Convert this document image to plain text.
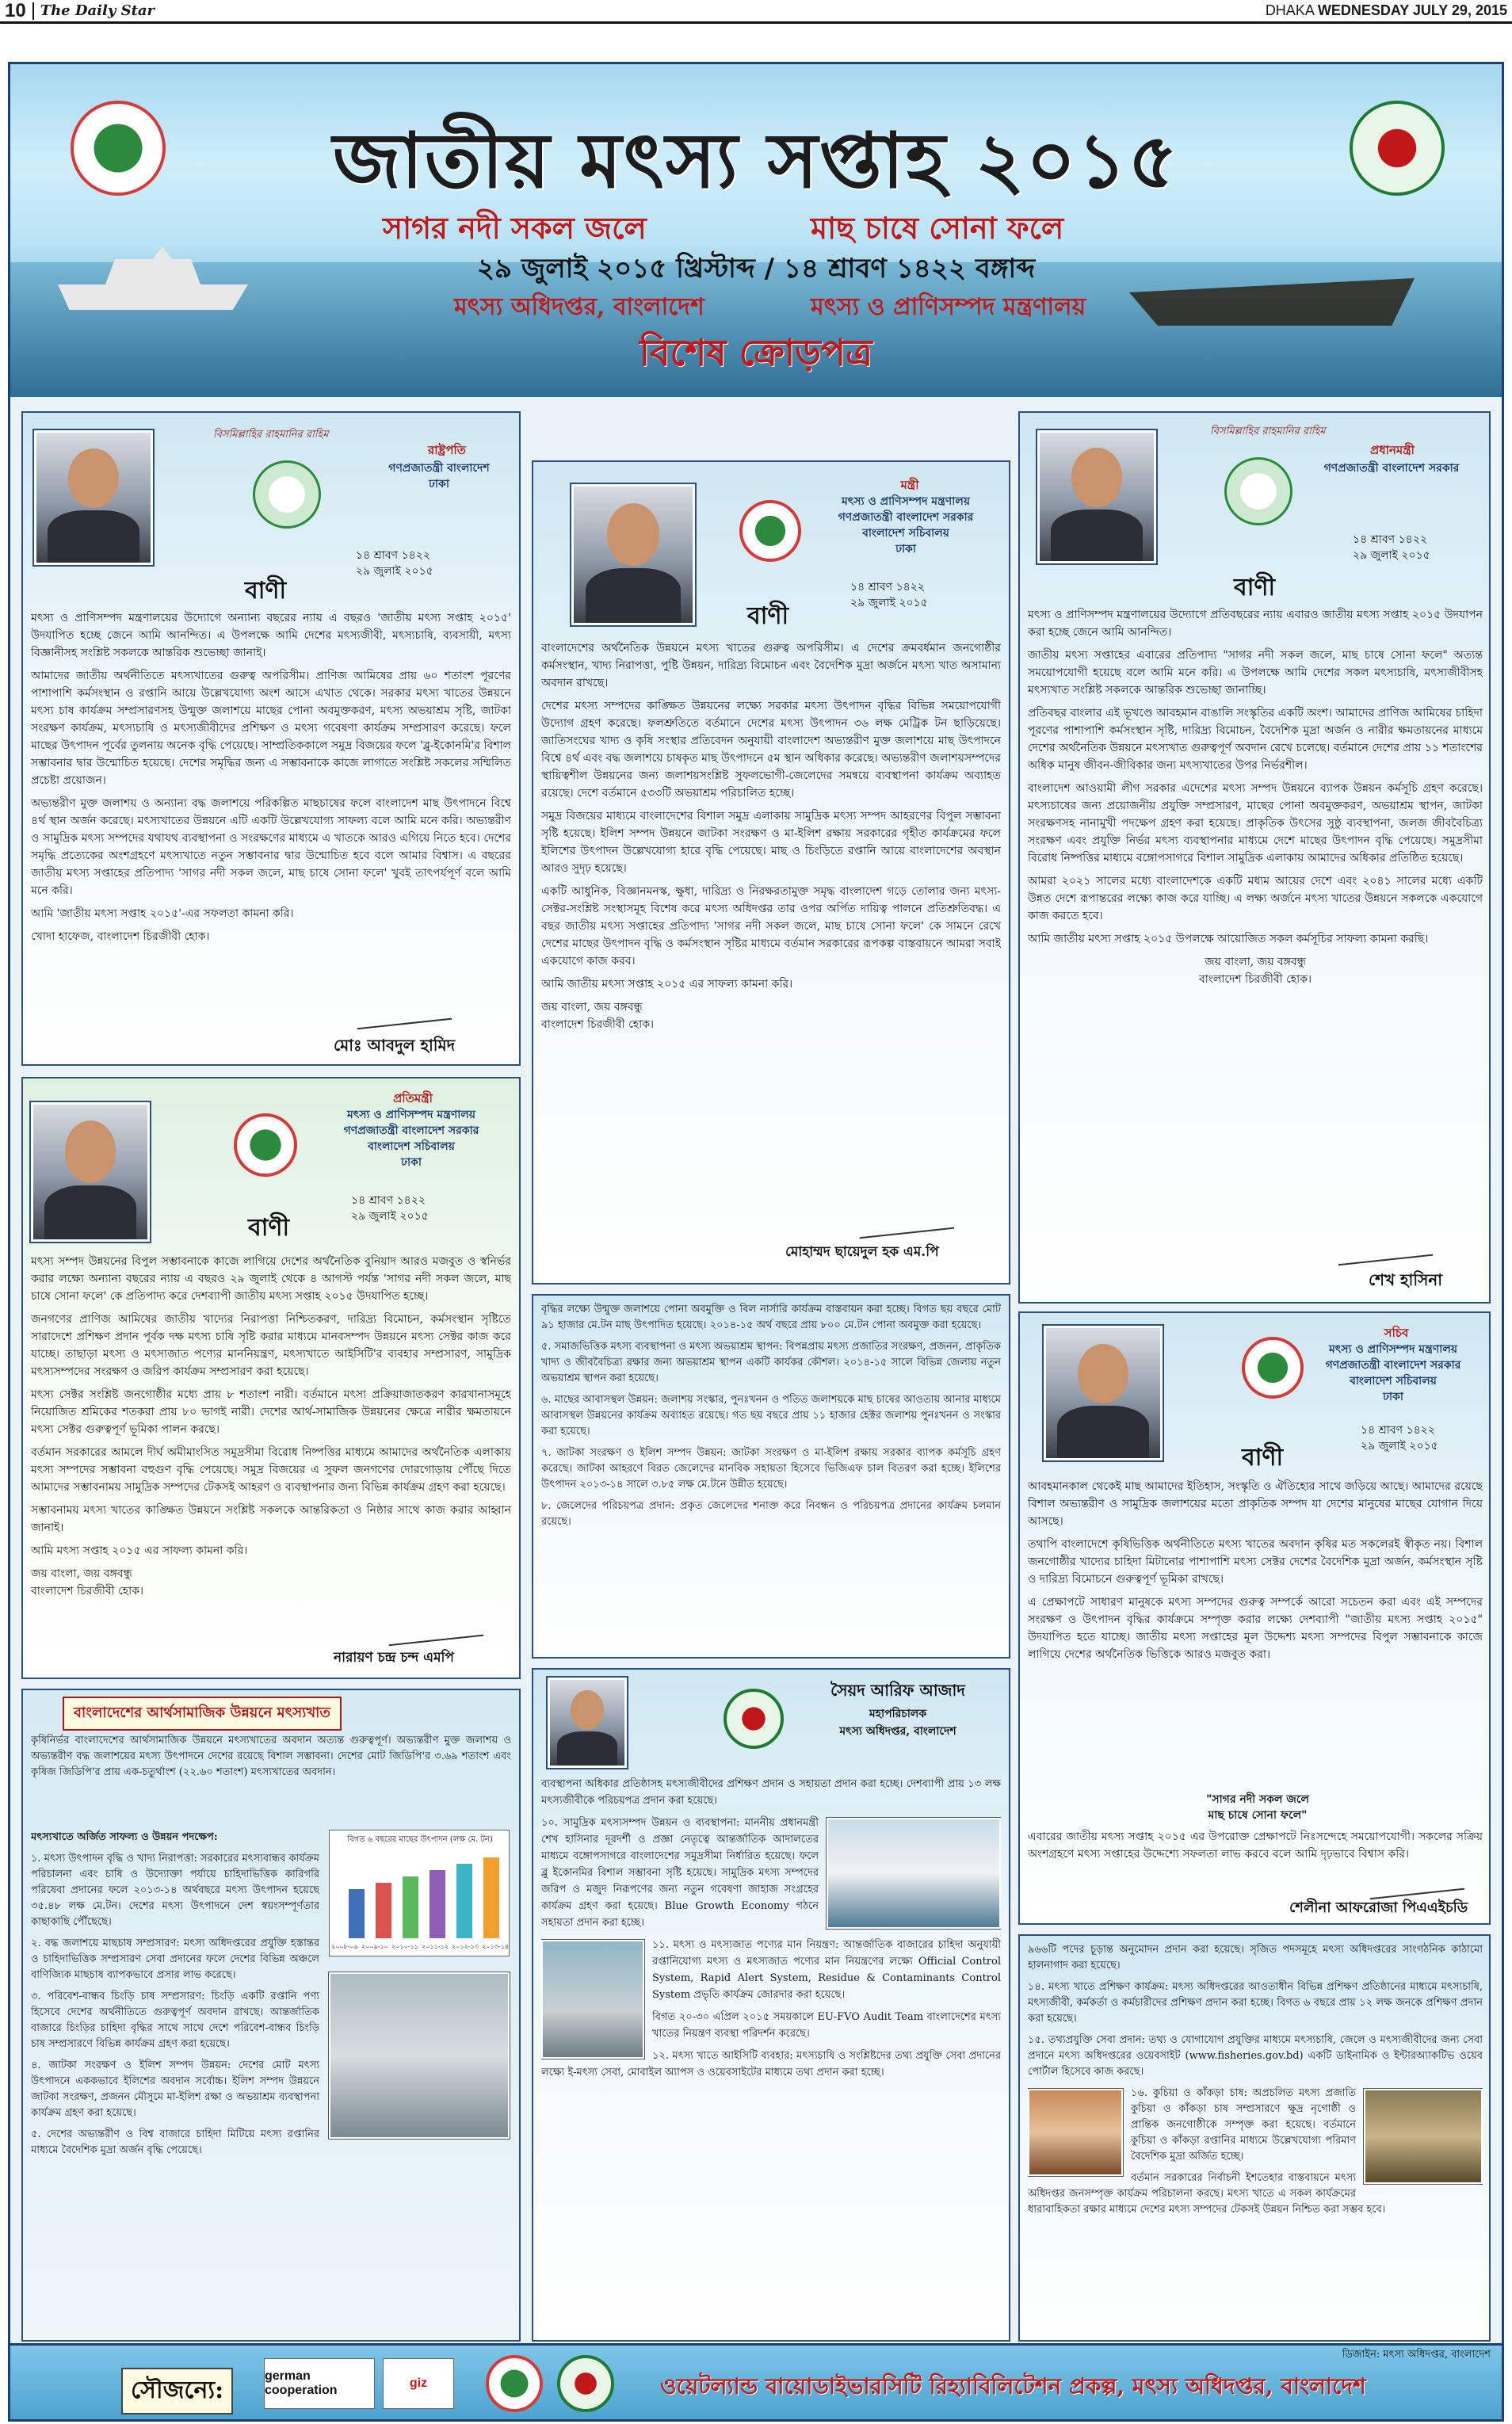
10 The Daily Star	DHAKA WEDNESDAY JULY 29, 2015
জাতীয় মৎস্য সপ্তাহ ২০১৫
সাগর নদী সকল জলে	মাছ চাষে সোনা ফলে
২৯ জুলাই ২০১৫ খ্রিস্টাব্দ / ১৪ শ্রাবণ ১৪২২ বঙ্গাব্দ
মৎস্য অধিদপ্তর, বাংলাদেশ	মৎস্য ও প্রাণিসম্পদ মন্ত্রণালয়
বিশেষ ক্রোড়পত্র
বিসমিল্লাহির রাহমানির রাহিম
রাষ্ট্রপতি
গণপ্রজাতন্ত্রী বাংলাদেশ
ঢাকা
১৪ শ্রাবণ ১৪২২
২৯ জুলাই ২০১৫
বাণী

মৎস্য ও প্রাণিসম্পদ মন্ত্রণালয়ের উদ্যোগে অন্যান্য বছরের ন্যায় এ বছরও 'জাতীয় মৎস্য সপ্তাহ ২০১৫' উদযাপিত হচ্ছে জেনে আমি আনন্দিত। এ উপলক্ষে আমি দেশের মৎস্যজীবী, মৎস্যচাষি, ব্যবসায়ী, মৎস্য বিজ্ঞানীসহ সংশ্লিষ্ট সকলকে আন্তরিক শুভেচ্ছা জানাই।

আমাদের জাতীয় অর্থনীতিতে মৎস্যখাতের গুরুত্ব অপরিসীম। প্রাণিজ আমিষের প্রায় ৬০ শতাংশ পূরণের পাশাপাশি কর্মসংস্থান ও রপ্তানি আয়ে উল্লেখযোগ্য অংশ আসে এখাত থেকে। সরকার মৎস্য খাতের উন্নয়নে মৎস্য চাষ কার্যক্রম সম্প্রসারণসহ উন্মুক্ত জলাশয়ে মাছের পোনা অবমুক্তকরণ, মৎস্য অভয়াশ্রম সৃষ্টি, জাটকা সংরক্ষণ কার্যক্রম, মৎস্যচাষি ও মৎস্যজীবীদের প্রশিক্ষণ ও মৎস্য গবেষণা কার্যক্রম সম্প্রসারণ করেছে। ফলে মাছের উৎপাদন পূর্বের তুলনায় অনেক বৃদ্ধি পেয়েছে। সাম্প্রতিককালে সমুদ্র বিজয়ের ফলে 'ব্লু-ইকোনমি'র বিশাল সম্ভাবনার দ্বার উন্মোচিত হয়েছে। দেশের সমৃদ্ধির জন্য এ সম্ভাবনাকে কাজে লাগাতে সংশ্লিষ্ট সকলের সম্মিলিত প্রচেষ্টা প্রয়োজন।

অভ্যন্তরীণ মুক্ত জলাশয় ও অন্যান্য বদ্ধ জলাশয়ে পরিকল্পিত মাছচাষের ফলে বাংলাদেশ মাছ উৎপাদনে বিশ্বে ৪র্থ স্থান অর্জন করেছে। মৎস্যখাতের উন্নয়নে এটি একটি উল্লেখযোগ্য সাফল্য বলে আমি মনে করি। অভ্যন্তরীণ ও সামুদ্রিক মৎস্য সম্পদের যথাযথ ব্যবস্থাপনা ও সংরক্ষণের মাধ্যমে এ খাতকে আরও এগিয়ে নিতে হবে। দেশের সমৃদ্ধি প্রত্যেকের অংশগ্রহণে মৎস্যখাতে নতুন সম্ভাবনার দ্বার উন্মোচিত হবে বলে আমার বিশ্বাস। এ বছরের জাতীয় মৎস্য সপ্তাহের প্রতিপাদ্য 'সাগর নদী সকল জলে, মাছ চাষে সোনা ফলে' খুবই তাৎপর্যপূর্ণ বলে আমি মনে করি।

আমি 'জাতীয় মৎস্য সপ্তাহ ২০১৫'-এর সফলতা কামনা করি।

খোদা হাফেজ, বাংলাদেশ চিরজীবী হোক।

মোঃ আবদুল হামিদ
মন্ত্রী
মৎস্য ও প্রাণিসম্পদ মন্ত্রণালয়
গণপ্রজাতন্ত্রী বাংলাদেশ সরকার
বাংলাদেশ সচিবালয়
ঢাকা
১৪ শ্রাবণ ১৪২২
২৯ জুলাই ২০১৫
বাণী

বাংলাদেশের অর্থনৈতিক উন্নয়নে মৎস্য খাতের গুরুত্ব অপরিসীম। এ দেশের ক্রমবর্ধমান জনগোষ্ঠীর কর্মসংস্থান, খাদ্য নিরাপত্তা, পুষ্টি উন্নয়ন, দারিদ্র্য বিমোচন এবং বৈদেশিক মুদ্রা অর্জনে মৎস্য খাত অসামান্য অবদান রাখছে।

দেশের মৎস্য সম্পদের কাঙ্ক্ষিত উন্নয়নের লক্ষ্যে সরকার মৎস্য উৎপাদন বৃদ্ধির বিভিন্ন সময়োপযোগী উদ্যোগ গ্রহণ করেছে। ফলশ্রুতিতে বর্তমানে দেশের মৎস্য উৎপাদন ৩৬ লক্ষ মেট্রিক টন ছাড়িয়েছে। জাতিসংঘের খাদ্য ও কৃষি সংস্থার প্রতিবেদন অনুযায়ী বাংলাদেশ অভ্যন্তরীণ মুক্ত জলাশয়ে মাছ উৎপাদনে বিশ্বে ৪র্থ এবং বদ্ধ জলাশয়ে চাষকৃত মাছ উৎপাদনে ৫ম স্থান অধিকার করেছে। অভ্যন্তরীণ জলাশয়সম্পদের স্থায়িত্বশীল উন্নয়নের জন্য জলাশয়সংশ্লিষ্ট সুফলভোগী-জেলেদের সমন্বয়ে ব্যবস্থাপনা কার্যক্রম অব্যাহত রয়েছে। দেশে বর্তমানে ৫৩৩টি অভয়াশ্রম পরিচালিত হচ্ছে।

সমুদ্র বিজয়ের মাধ্যমে বাংলাদেশের বিশাল সমুদ্র এলাকায় সামুদ্রিক মৎস্য সম্পদ আহরণের বিপুল সম্ভাবনা সৃষ্টি হয়েছে। ইলিশ সম্পদ উন্নয়নে জাটকা সংরক্ষণ ও মা-ইলিশ রক্ষায় সরকারের গৃহীত কার্যক্রমের ফলে ইলিশের উৎপাদন উল্লেখযোগ্য হারে বৃদ্ধি পেয়েছে। মাছ ও চিংড়িতে রপ্তানি আয়ে বাংলাদেশের অবস্থান আরও সুদৃঢ় হয়েছে।

একটি আধুনিক, বিজ্ঞানমনস্ক, ক্ষুধা, দারিদ্র্য ও নিরক্ষরতামুক্ত সমৃদ্ধ বাংলাদেশ গড়ে তোলার জন্য মৎস্য-সেক্টর-সংশ্লিষ্ট সংস্থাসমূহ বিশেষ করে মৎস্য অধিদপ্তর তার ওপর অর্পিত দায়িত্ব পালনে প্রতিশ্রুতিবদ্ধ। এ বছর জাতীয় মৎস্য সপ্তাহের প্রতিপাদ্য 'সাগর নদী সকল জলে, মাছ চাষে সোনা ফলে' কে সামনে রেখে দেশের মাছের উৎপাদন বৃদ্ধি ও কর্মসংস্থান সৃষ্টির মাধ্যমে বর্তমান সরকারের রূপকল্প বাস্তবায়নে আমরা সবাই একযোগে কাজ করব।

আমি জাতীয় মৎস্য সপ্তাহ ২০১৫ এর সাফল্য কামনা করি।

জয় বাংলা, জয় বঙ্গবন্ধু
বাংলাদেশ চিরজীবী হোক।

মোহাম্মদ ছায়েদুল হক এম.পি
বিসমিল্লাহির রাহমানির রাহিম
প্রধানমন্ত্রী
গণপ্রজাতন্ত্রী বাংলাদেশ সরকার
১৪ শ্রাবণ ১৪২২
২৯ জুলাই ২০১৫
বাণী

মৎস্য ও প্রাণিসম্পদ মন্ত্রণালয়ের উদ্যোগে প্রতিবছরের ন্যায় এবারও জাতীয় মৎস্য সপ্তাহ ২০১৫ উদযাপন করা হচ্ছে জেনে আমি আনন্দিত।

জাতীয় মৎস্য সপ্তাহের এবারের প্রতিপাদ্য "সাগর নদী সকল জলে, মাছ চাষে সোনা ফলে" অত্যন্ত সময়োপযোগী হয়েছে বলে আমি মনে করি। এ উপলক্ষে আমি দেশের সকল মৎস্যচাষি, মৎস্যজীবীসহ মৎস্যখাত সংশ্লিষ্ট সকলকে আন্তরিক শুভেচ্ছা জানাচ্ছি।

প্রতিবছর বাংলার এই ভূখণ্ডে আবহমান বাঙালি সংস্কৃতির একটি অংশ। আমাদের প্রাণিজ আমিষের চাহিদা পূরণের পাশাপাশি কর্মসংস্থান সৃষ্টি, দারিদ্র্য বিমোচন, বৈদেশিক মুদ্রা অর্জন ও নারীর ক্ষমতায়নের মাধ্যমে দেশের অর্থনৈতিক উন্নয়নে মৎস্যখাত গুরুত্বপূর্ণ অবদান রেখে চলেছে। বর্তমানে দেশের প্রায় ১১ শতাংশের অধিক মানুষ জীবন-জীবিকার জন্য মৎস্যখাতের উপর নির্ভরশীল।

বাংলাদেশ আওয়ামী লীগ সরকার এদেশের মৎস্য সম্পদ উন্নয়নে ব্যাপক উন্নয়ন কর্মসূচি গ্রহণ করেছে। মৎস্যচাষের জন্য প্রয়োজনীয় প্রযুক্তি সম্প্রসারণ, মাছের পোনা অবমুক্তকরণ, অভয়াশ্রম স্থাপন, জাটকা সংরক্ষণসহ নানামুখী পদক্ষেপ গ্রহণ করা হয়েছে। প্রাকৃতিক উৎসের সুষ্ঠু ব্যবস্থাপনা, জলজ জীববৈচিত্র্য সংরক্ষণ এবং প্রযুক্তি নির্ভর মৎস্য ব্যবস্থাপনার মাধ্যমে দেশে মাছের উৎপাদন বৃদ্ধি পেয়েছে। সমুদ্রসীমা বিরোধ নিষ্পত্তির মাধ্যমে বঙ্গোপসাগরে বিশাল সামুদ্রিক এলাকায় আমাদের অধিকার প্রতিষ্ঠিত হয়েছে।

আমরা ২০২১ সালের মধ্যে বাংলাদেশকে একটি মধ্যম আয়ের দেশে এবং ২০৪১ সালের মধ্যে একটি উন্নত দেশে রূপান্তরের লক্ষ্যে কাজ করে যাচ্ছি। এ লক্ষ্য অর্জনে মৎস্য খাতের উন্নয়নে সকলকে একযোগে কাজ করতে হবে।

আমি জাতীয় মৎস্য সপ্তাহ ২০১৫ উপলক্ষে আয়োজিত সকল কর্মসূচির সাফল্য কামনা করছি।

জয় বাংলা, জয় বঙ্গবন্ধু
বাংলাদেশ চিরজীবী হোক।

শেখ হাসিনা
প্রতিমন্ত্রী
মৎস্য ও প্রাণিসম্পদ মন্ত্রণালয়
গণপ্রজাতন্ত্রী বাংলাদেশ সরকার
বাংলাদেশ সচিবালয়
ঢাকা
১৪ শ্রাবণ ১৪২২
২৯ জুলাই ২০১৫
বাণী

মৎস্য সম্পদ উন্নয়নের বিপুল সম্ভাবনাকে কাজে লাগিয়ে দেশের অর্থনৈতিক বুনিয়াদ আরও মজবুত ও স্বনির্ভর করার লক্ষ্যে অন্যান্য বছরের ন্যায় এ বছরও ২৯ জুলাই থেকে ৪ আগস্ট পর্যন্ত 'সাগর নদী সকল জলে, মাছ চাষে সোনা ফলে' কে প্রতিপাদ্য করে দেশব্যাপী জাতীয় মৎস্য সপ্তাহ ২০১৫ উদযাপিত হচ্ছে।

জনগণের প্রাণিজ আমিষের জাতীয় খাদ্যের নিরাপত্তা নিশ্চিতকরণ, দারিদ্র্য বিমোচন, কর্মসংস্থান সৃষ্টিতে সারাদেশে প্রশিক্ষণ প্রদান পূর্বক দক্ষ মৎস্য চাষি সৃষ্টি করার মাধ্যমে মানবসম্পদ উন্নয়নে মৎস্য সেক্টর কাজ করে যাচ্ছে। তাছাড়া মৎস্য ও মৎস্যজাত পণ্যের মাননিয়ন্ত্রণ, মৎস্যখাতে আইসিটি'র ব্যবহার সম্প্রসারণ, সামুদ্রিক মৎস্যসম্পদের সংরক্ষণ ও জরিপ কার্যক্রম সম্প্রসারণ করা হয়েছে।

মৎস্য সেক্টর সংশ্লিষ্ট জনগোষ্ঠীর মধ্যে প্রায় ৮ শতাংশ নারী। বর্তমানে মৎস্য প্রক্রিয়াজাতকরণ কারখানাসমূহে নিয়োজিত শ্রমিকের শতকরা প্রায় ৮০ ভাগই নারী। দেশের আর্থ-সামাজিক উন্নয়নের ক্ষেত্রে নারীর ক্ষমতায়নে মৎস্য সেক্টর গুরুত্বপূর্ণ ভূমিকা পালন করছে।

বর্তমান সরকারের আমলে দীর্ঘ অমীমাংসিত সমুদ্রসীমা বিরোধ নিষ্পত্তির মাধ্যমে আমাদের অর্থনৈতিক এলাকায় মৎস্য সম্পদের সম্ভাবনা বহুগুণ বৃদ্ধি পেয়েছে। সমুদ্র বিজয়ের এ সুফল জনগণের দোরগোড়ায় পৌঁছে দিতে আমাদের সম্ভাবনাময় সামুদ্রিক সম্পদের টেকসই আহরণ ও ব্যবস্থাপনার জন্য বিভিন্ন কার্যক্রম গ্রহণ করা হয়েছে।

সম্ভাবনাময় মৎস্য খাতের কাঙ্ক্ষিত উন্নয়নে সংশ্লিষ্ট সকলকে আন্তরিকতা ও নিষ্ঠার সাথে কাজ করার আহ্বান জানাই।

আমি মৎস্য সপ্তাহ ২০১৫ এর সাফল্য কামনা করি।

জয় বাংলা, জয় বঙ্গবন্ধু
বাংলাদেশ চিরজীবী হোক।

নারায়ণ চন্দ্র চন্দ এমপি

বৃদ্ধির লক্ষ্যে উন্মুক্ত জলাশয়ে পোনা অবমুক্তি ও বিল নার্সারি কার্যক্রম বাস্তবায়ন করা হচ্ছে। বিগত ছয় বছরে মোট ৯১ হাজার মে.টন মাছ উৎপাদিত হয়েছে। ২০১৪-১৫ অর্থ বছরে প্রায় ৮০০ মে.টন পোনা অবমুক্ত করা হয়েছে।

৫. সমাজভিত্তিক মৎস্য ব্যবস্থাপনা ও মৎস্য অভয়াশ্রম স্থাপন: বিপন্নপ্রায় মৎস্য প্রজাতির সংরক্ষণ, প্রজনন, প্রাকৃতিক খাদ্য ও জীববৈচিত্র্য রক্ষার জন্য অভয়াশ্রম স্থাপন একটি কার্যকর কৌশল। ২০১৪-১৫ সালে বিভিন্ন জেলায় নতুন অভয়াশ্রম স্থাপন করা হয়েছে।

৬. মাছের আবাসস্থল উন্নয়ন: জলাশয় সংস্কার, পুনঃখনন ও পতিত জলাশয়কে মাছ চাষের আওতায় আনার মাধ্যমে আবাসস্থল উন্নয়নের কার্যক্রম অব্যাহত রয়েছে। গত ছয় বছরে প্রায় ১১ হাজার হেক্টর জলাশয় পুনঃখনন ও সংস্কার করা হয়েছে।

৭. জাটকা সংরক্ষণ ও ইলিশ সম্পদ উন্নয়ন: জাটকা সংরক্ষণ ও মা-ইলিশ রক্ষায় সরকার ব্যাপক কর্মসূচি গ্রহণ করেছে। জাটকা আহরণে বিরত জেলেদের মানবিক সহায়তা হিসেবে ভিজিএফ চাল বিতরণ করা হচ্ছে। ইলিশের উৎপাদন ২০১৩-১৪ সালে ৩.৮৫ লক্ষ মে.টনে উন্নীত হয়েছে।

৮. জেলেদের পরিচয়পত্র প্রদান: প্রকৃত জেলেদের শনাক্ত করে নিবন্ধন ও পরিচয়পত্র প্রদানের কার্যক্রম চলমান রয়েছে।

সচিব
মৎস্য ও প্রাণিসম্পদ মন্ত্রণালয়
গণপ্রজাতন্ত্রী বাংলাদেশ সরকার
বাংলাদেশ সচিবালয়
ঢাকা
১৪ শ্রাবণ ১৪২২
২৯ জুলাই ২০১৫
বাণী

আবহমানকাল থেকেই মাছ আমাদের ইতিহাস, সংস্কৃতি ও ঐতিহ্যের সাথে জড়িয়ে আছে। আমাদের রয়েছে বিশাল অভ্যন্তরীণ ও সামুদ্রিক জলাশয়ের মতো প্রাকৃতিক সম্পদ যা দেশের মানুষের মাছের যোগান দিয়ে আসছে।

তথাপি বাংলাদেশে কৃষিভিত্তিক অর্থনীতিতে মৎস্য খাতের অবদান কৃষির মত সকলেরই স্বীকৃত নয়। বিশাল জনগোষ্ঠীর খাদ্যের চাহিদা মিটানোর পাশাপাশি মৎস্য সেক্টর দেশের বৈদেশিক মুদ্রা অর্জন, কর্মসংস্থান সৃষ্টি ও দারিদ্র্য বিমোচনে গুরুত্বপূর্ণ ভূমিকা রাখছে।

এ প্রেক্ষাপটে সাধারণ মানুষকে মৎস্য সম্পদের গুরুত্ব সম্পর্কে আরো সচেতন করা এবং এই সম্পদের সংরক্ষণ ও উৎপাদন বৃদ্ধির কার্যক্রমে সম্পৃক্ত করার লক্ষ্যে দেশব্যাপী "জাতীয় মৎস্য সপ্তাহ ২০১৫" উদযাপিত হতে যাচ্ছে। জাতীয় মৎস্য সপ্তাহের মূল উদ্দেশ্য মৎস্য সম্পদের বিপুল সম্ভাবনাকে কাজে লাগিয়ে দেশের অর্থনৈতিক ভিত্তিকে আরও মজবুত করা।

"সাগর নদী সকল জলে
মাছ চাষে সোনা ফলে"

এবারের জাতীয় মৎস্য সপ্তাহ ২০১৫ এর উপরোক্ত প্রেক্ষাপটে নিঃসন্দেহে সময়োপযোগী। সকলের সক্রিয় অংশগ্রহণে মৎস্য সপ্তাহের উদ্দেশ্যে সফলতা লাভ করবে বলে আমি দৃঢ়ভাবে বিশ্বাস করি।

শেলীনা আফরোজা পিএএইচডি
সৈয়দ আরিফ আজাদ
মহাপরিচালক
মৎস্য অধিদপ্তর, বাংলাদেশ

ব্যবস্থাপনা অধিকার প্রতিষ্ঠাসহ মৎস্যজীবীদের প্রশিক্ষণ প্রদান ও সহায়তা প্রদান করা হচ্ছে। দেশব্যাপী প্রায় ১৩ লক্ষ মৎস্যজীবীকে পরিচয়পত্র প্রদান করা হয়েছে।

১০. সামুদ্রিক মৎস্যসম্পদ উন্নয়ন ও ব্যবস্থাপনা: মাননীয় প্রধানমন্ত্রী শেখ হাসিনার দূরদর্শী ও প্রজ্ঞা নেতৃত্বে আন্তর্জাতিক আদালতের মাধ্যমে বঙ্গোপসাগরে বাংলাদেশের সমুদ্রসীমা নির্ধারিত হয়েছে। ফলে ব্লু ইকোনমির বিশাল সম্ভাবনা সৃষ্টি হয়েছে। সামুদ্রিক মৎস্য সম্পদের জরিপ ও মজুদ নিরূপণের জন্য নতুন গবেষণা জাহাজ সংগ্রহের কার্যক্রম গ্রহণ করা হয়েছে। Blue Growth Economy গঠনে সহায়তা প্রদান করা হচ্ছে।

১১. মৎস্য ও মৎস্যজাত পণ্যের মান নিয়ন্ত্রণ: আন্তর্জাতিক বাজারের চাহিদা অনুযায়ী রপ্তানিযোগ্য মৎস্য ও মৎস্যজাত পণ্যের মান নিয়ন্ত্রণের লক্ষ্যে Official Control System, Rapid Alert System, Residue & Contaminants Control System প্রভৃতি কার্যক্রম জোরদার করা হয়েছে।

বিগত ২০-৩০ এপ্রিল ২০১৫ সময়কালে EU-FVO Audit Team বাংলাদেশের মৎস্য খাতের নিয়ন্ত্রণ ব্যবস্থা পরিদর্শন করেছে।

১২. মৎস্য খাতে আইসিটি ব্যবহার: মৎস্যচাষি ও সংশ্লিষ্টদের তথ্য প্রযুক্তি সেবা প্রদানের লক্ষ্যে ই-মৎস্য সেবা, মোবাইল অ্যাপস ও ওয়েবসাইটের মাধ্যমে তথ্য প্রদান করা হচ্ছে।

বাংলাদেশের আর্থসামাজিক উন্নয়নে মৎস্যখাত

কৃষিনির্ভর বাংলাদেশের আর্থসামাজিক উন্নয়নে মৎস্যখাতের অবদান অত্যন্ত গুরুত্বপূর্ণ। অভ্যন্তরীণ মুক্ত জলাশয় ও অভ্যন্তরীণ বদ্ধ জলাশয়ের মৎস্য উৎপাদনে দেশের রয়েছে বিশাল সম্ভাবনা। দেশের মোট জিডিপি'র ৩.৬৯ শতাংশ এবং কৃষিজ জিডিপি'র প্রায় এক-চতুর্থাংশ (২২.৬০ শতাংশ) মৎস্যখাতের অবদান।

মৎস্যখাতে অর্জিত সাফল্য ও উন্নয়ন পদক্ষেপ:

১. মৎস্য উৎপাদন বৃদ্ধি ও খাদ্য নিরাপত্তা: সরকারের মৎস্যবান্ধব কার্যক্রম পরিচালনা এবং চাষি ও উদ্যোক্তা পর্যায়ে চাহিদাভিত্তিক কারিগরি পরিষেবা প্রদানের ফলে ২০১৩-১৪ অর্থবছরে মৎস্য উৎপাদন হয়েছে ৩৫.৪৮ লক্ষ মে.টন। দেশের মৎস্য উৎপাদনে দেশ স্বয়ংসম্পূর্ণতার কাছাকাছি পৌঁছেছে।

২. বদ্ধ জলাশয়ে মাছচাষ সম্প্রসারণ: মৎস্য অধিদপ্তরের প্রযুক্তি হস্তান্তর ও চাহিদাভিত্তিক সম্প্রসারণ সেবা প্রদানের ফলে দেশের বিভিন্ন অঞ্চলে বাণিজ্যিক মাছচাষ ব্যাপকভাবে প্রসার লাভ করেছে।

৩. পরিবেশ-বান্ধব চিংড়ি চাষ সম্প্রসারণ: চিংড়ি একটি রপ্তানি পণ্য হিসেবে দেশের অর্থনীতিতে গুরুত্বপূর্ণ অবদান রাখছে। আন্তর্জাতিক বাজারে চিংড়ির চাহিদা বৃদ্ধির সাথে সাথে দেশে পরিবেশ-বান্ধব চিংড়ি চাষ সম্প্রসারণে বিভিন্ন কার্যক্রম গ্রহণ করা হয়েছে।

৪. জাটকা সংরক্ষণ ও ইলিশ সম্পদ উন্নয়ন: দেশের মোট মৎস্য উৎপাদনে এককভাবে ইলিশের অবদান সর্বোচ্চ। ইলিশ সম্পদ উন্নয়নে জাটকা সংরক্ষণ, প্রজনন মৌসুমে মা-ইলিশ রক্ষা ও অভয়াশ্রম ব্যবস্থাপনা কার্যক্রম গ্রহণ করা হয়েছে।

৫. দেশের অভ্যন্তরীণ ও বিশ্ব বাজারে চাহিদা মিটিয়ে মৎস্য রপ্তানির মাধ্যমে বৈদেশিক মুদ্রা অর্জন বৃদ্ধি পেয়েছে।

বিগত ৬ বছরের মাছের উৎপাদন (লক্ষ মে. টন)
২০০৮-০৯ ২০০৯-১০ ২০১০-১১ ২০১১-১২ ২০১২-১৩ ২০১৩-১৪	৯৬৬টি পদের চূড়ান্ত অনুমোদন প্রদান করা হয়েছে। সৃজিত পদসমূহে মৎস্য অধিদপ্তরের সাংগঠনিক কাঠামো হালনাগাদ করা হয়েছে।

১৪. মৎস্য খাতে প্রশিক্ষণ কার্যক্রম: মৎস্য অধিদপ্তরের আওতাধীন বিভিন্ন প্রশিক্ষণ প্রতিষ্ঠানের মাধ্যমে মৎস্যচাষি, মৎস্যজীবী, কর্মকর্তা ও কর্মচারীদের প্রশিক্ষণ প্রদান করা হচ্ছে। বিগত ৬ বছরে প্রায় ১২ লক্ষ জনকে প্রশিক্ষণ প্রদান করা হয়েছে।

১৫. তথ্যপ্রযুক্তি সেবা প্রদান: তথ্য ও যোগাযোগ প্রযুক্তির মাধ্যমে মৎস্যচাষি, জেলে ও মৎস্যজীবীদের জন্য সেবা প্রদানে মৎস্য অধিদপ্তরের ওয়েবসাইট (www.fisheries.gov.bd) একটি ডাইনামিক ও ইন্টারঅ্যাকটিভ ওয়েব পোর্টাল হিসেবে কাজ করছে।

১৬. কুচিয়া ও কাঁকড়া চাষ: অপ্রচলিত মৎস্য প্রজাতি কুচিয়া ও কাঁকড়া চাষ সম্প্রসারণে ক্ষুদ্র নৃগোষ্ঠী ও প্রান্তিক জনগোষ্ঠীকে সম্পৃক্ত করা হয়েছে। বর্তমানে কুচিয়া ও কাঁকড়া রপ্তানির মাধ্যমে উল্লেখযোগ্য পরিমাণ বৈদেশিক মুদ্রা অর্জিত হচ্ছে।

বর্তমান সরকারের নির্বাচনী ইশতেহার বাস্তবায়নে মৎস্য অধিদপ্তর জনসম্পৃক্ত কার্যক্রম পরিচালনা করছে। মৎস্য খাতে এ সকল কার্যক্রমের ধারাবাহিকতা রক্ষার মাধ্যমে দেশের মৎস্য সম্পদের টেকসই উন্নয়ন নিশ্চিত করা সম্ভব হবে।

ডিজাইন: মৎস্য অধিদপ্তর, বাংলাদেশ
সৌজন্যে:
german cooperation
giz	ওয়েটল্যান্ড বায়োডাইভারসিটি রিহ্যাবিলিটেশন প্রকল্প, মৎস্য অধিদপ্তর, বাংলাদেশ
